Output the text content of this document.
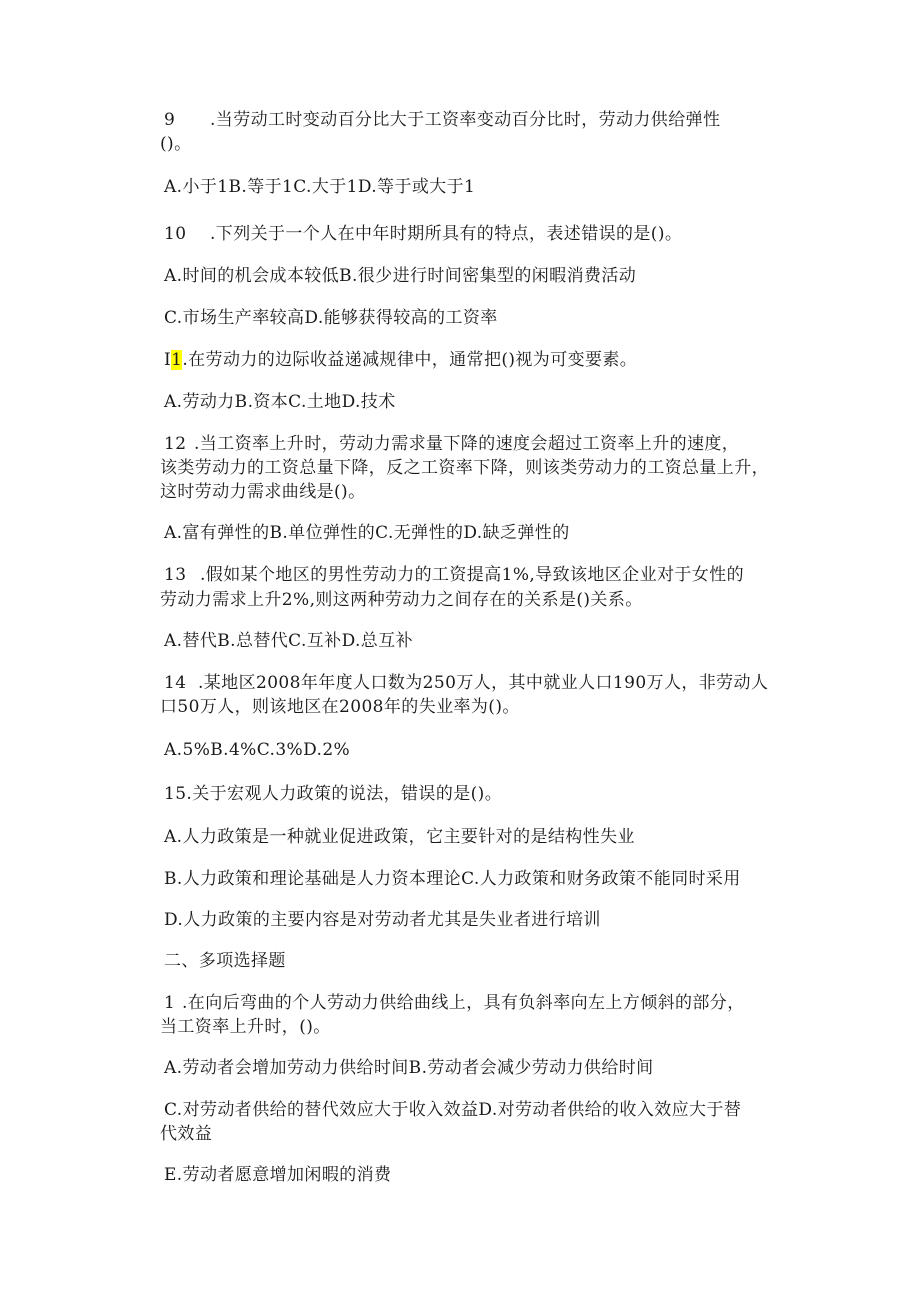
9 .当劳动工时变动百分比大于工资率变动百分比时，劳动力供给弹性
()。
A.小于1B.等于1C.大于1D.等于或大于1
10 .下列关于一个人在中年时期所具有的特点，表述错误的是()。
A.时间的机会成本较低B.很少进行时间密集型的闲暇消费活动
C.市场生产率较高D.能够获得较高的工资率
I1.在劳动力的边际收益递减规律中，通常把()视为可变要素。
A.劳动力B.资本C.土地D.技术
12 .当工资率上升时，劳动力需求量下降的速度会超过工资率上升的速度，
该类劳动力的工资总量下降，反之工资率下降，则该类劳动力的工资总量上升，
这时劳动力需求曲线是()。
A.富有弹性的B.单位弹性的C.无弹性的D.缺乏弹性的
13 .假如某个地区的男性劳动力的工资提高1%,导致该地区企业对于女性的
劳动力需求上升2%,则这两种劳动力之间存在的关系是()关系。
A.替代B.总替代C.互补D.总互补
14 .某地区2008年年度人口数为250万人，其中就业人口190万人，非劳动人
口50万人，则该地区在2008年的失业率为()。
A.5%B.4%C.3%D.2%
15.关于宏观人力政策的说法，错误的是()。
A.人力政策是一种就业促进政策，它主要针对的是结构性失业
B.人力政策和理论基础是人力资本理论C.人力政策和财务政策不能同时采用
D.人力政策的主要内容是对劳动者尤其是失业者进行培训
二、多项选择题
1 .在向后弯曲的个人劳动力供给曲线上，具有负斜率向左上方倾斜的部分，
当工资率上升时，()。
A.劳动者会增加劳动力供给时间B.劳动者会减少劳动力供给时间
C.对劳动者供给的替代效应大于收入效益D.对劳动者供给的收入效应大于替
代效益
E.劳动者愿意增加闲暇的消费
